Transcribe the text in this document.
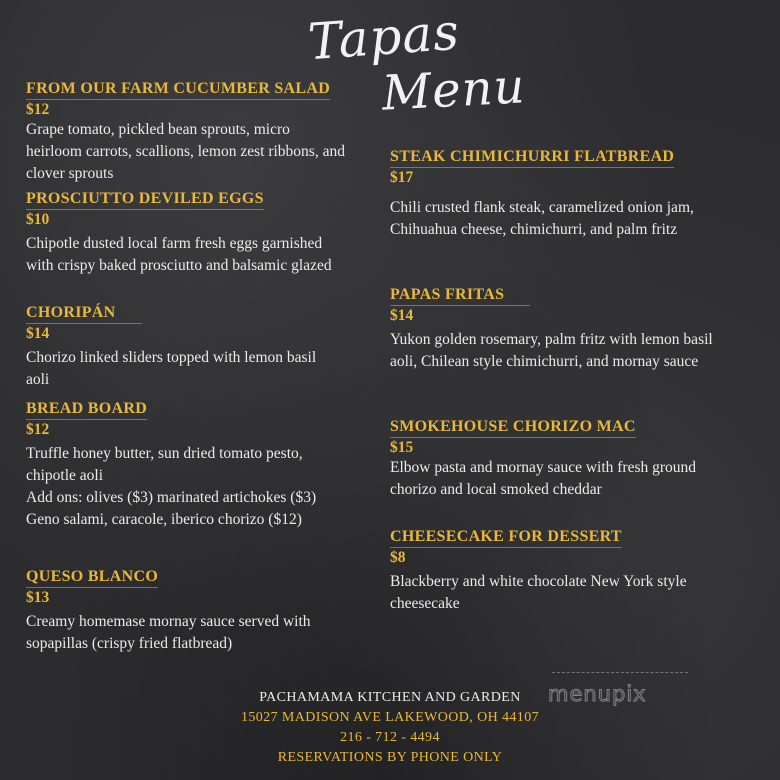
Tapas
Menu
FROM OUR FARM CUCUMBER SALAD
$12
Grape tomato, pickled bean sprouts, micro heirloom carrots, scallions, lemon zest ribbons, and clover sprouts
PROSCIUTTO DEVILED EGGS
$10
Chipotle dusted local farm fresh eggs garnished with crispy baked prosciutto and balsamic glazed
CHORIPÁN
$14
Chorizo linked sliders topped with lemon basil aoli
BREAD BOARD
$12
Truffle honey butter, sun dried tomato pesto, chipotle aoli
Add ons: olives ($3) marinated artichokes ($3) Geno salami, caracole, iberico chorizo ($12)
QUESO BLANCO
$13
Creamy homemase mornay sauce served with sopapillas (crispy fried flatbread)
STEAK CHIMICHURRI FLATBREAD
$17
Chili crusted flank steak, caramelized onion jam, Chihuahua cheese, chimichurri, and palm fritz
PAPAS FRITAS
$14
Yukon golden rosemary, palm fritz with lemon basil aoli, Chilean style chimichurri, and mornay sauce
SMOKEHOUSE CHORIZO MAC
$15
Elbow pasta and mornay sauce with fresh ground chorizo and local smoked cheddar
CHEESECAKE FOR DESSERT
$8
Blackberry and white chocolate New York style cheesecake
PACHAMAMA KITCHEN AND GARDEN
15027 MADISON AVE LAKEWOOD, OH 44107
216 - 712 - 4494
RESERVATIONS BY PHONE ONLY
menupix
